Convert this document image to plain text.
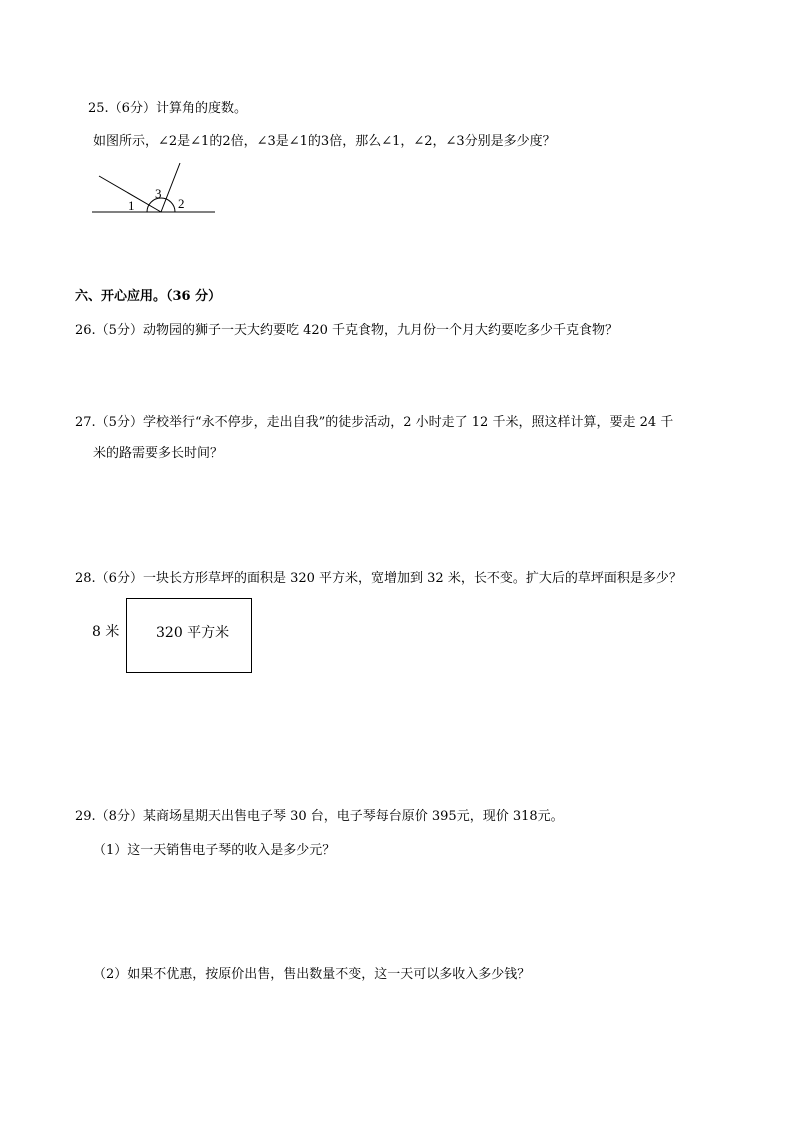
25.（6分）计算角的度数。
如图所示，∠2是∠1的2倍，∠3是∠1的3倍，那么∠1，∠2，∠3分别是多少度？
1
3
2
六、开心应用。（36 分）
26.（5分）动物园的狮子一天大约要吃 420 千克食物，九月份一个月大约要吃多少千克食物？
27.（5分）学校举行“永不停步，走出自我”的徒步活动，2 小时走了 12 千米，照这样计算，要走 24 千
米的路需要多长时间？
28.（6分）一块长方形草坪的面积是 320 平方米，宽增加到 32 米，长不变。扩大后的草坪面积是多少？
8 米	320 平方米
29.（8分）某商场星期天出售电子琴 30 台，电子琴每台原价 395元，现价 318元。
（1）这一天销售电子琴的收入是多少元？
（2）如果不优惠，按原价出售，售出数量不变，这一天可以多收入多少钱？
